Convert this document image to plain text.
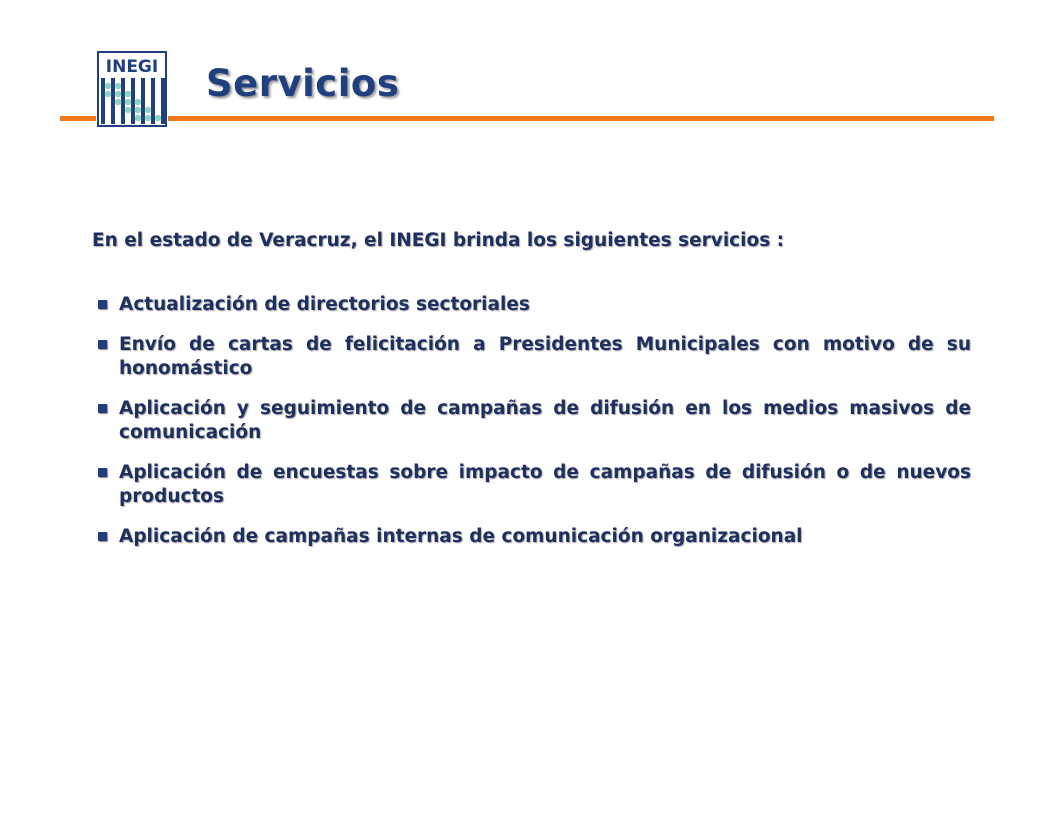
INEGI Servicios
En el estado de Veracruz, el INEGI brinda los siguientes servicios :
Actualización de directorios sectoriales
Envío de cartas de felicitación a Presidentes Municipales con motivo de su honomástico
Aplicación y seguimiento de campañas de difusión en los medios masivos de comunicación
Aplicación de encuestas sobre impacto de campañas de difusión o de nuevos productos
Aplicación de campañas internas de comunicación organizacional
